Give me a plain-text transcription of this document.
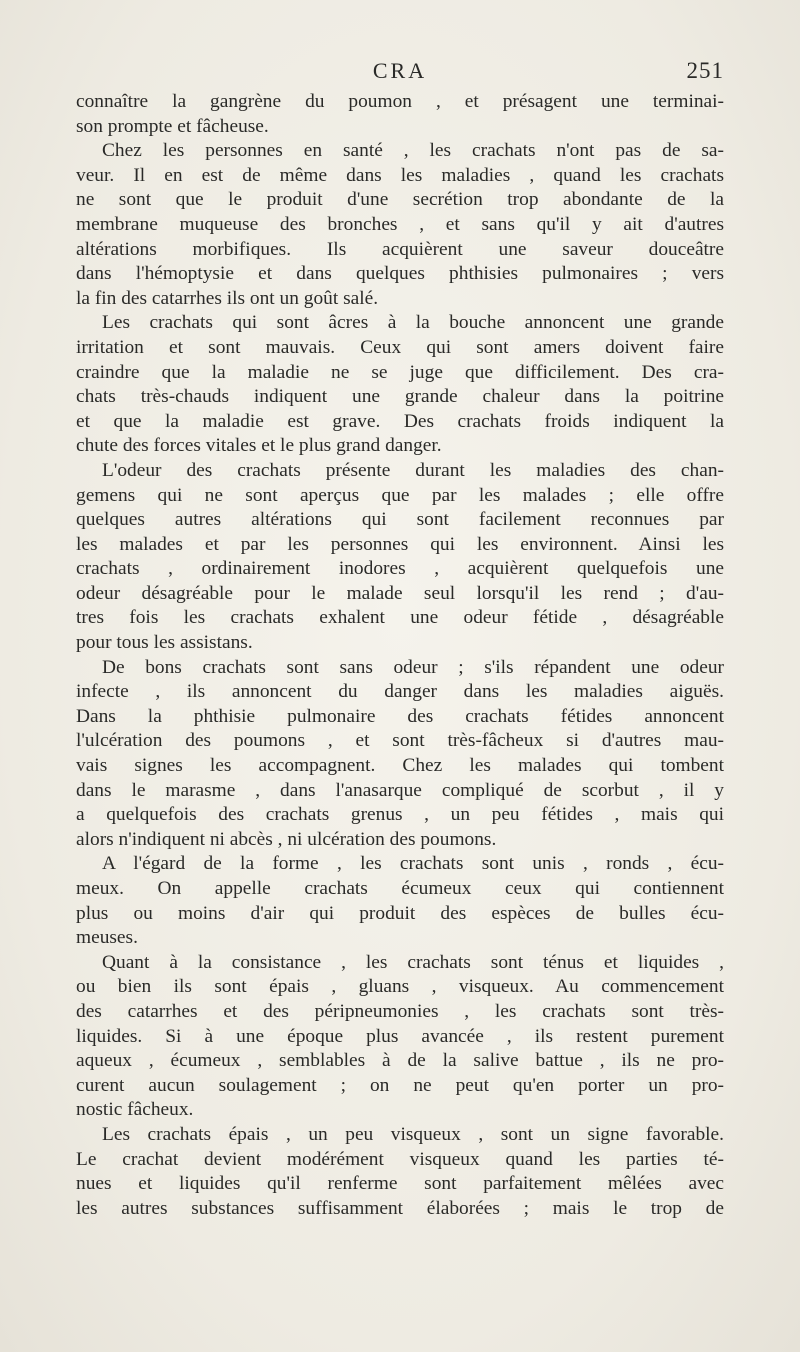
CRA	251
connaître la gangrène du poumon , et présagent une terminai-
son prompte et fâcheuse.
Chez les personnes en santé , les crachats n'ont pas de sa-
veur. Il en est de même dans les maladies , quand les crachats
ne sont que le produit d'une secrétion trop abondante de la
membrane muqueuse des bronches , et sans qu'il y ait d'autres
altérations morbifiques. Ils acquièrent une saveur douceâtre
dans l'hémoptysie et dans quelques phthisies pulmonaires ; vers
la fin des catarrhes ils ont un goût salé.
Les crachats qui sont âcres à la bouche annoncent une grande
irritation et sont mauvais. Ceux qui sont amers doivent faire
craindre que la maladie ne se juge que difficilement. Des cra-
chats très-chauds indiquent une grande chaleur dans la poitrine
et que la maladie est grave. Des crachats froids indiquent la
chute des forces vitales et le plus grand danger.
L'odeur des crachats présente durant les maladies des chan-
gemens qui ne sont aperçus que par les malades ; elle offre
quelques autres altérations qui sont facilement reconnues par
les malades et par les personnes qui les environnent. Ainsi les
crachats , ordinairement inodores , acquièrent quelquefois une
odeur désagréable pour le malade seul lorsqu'il les rend ; d'au-
tres fois les crachats exhalent une odeur fétide , désagréable
pour tous les assistans.
De bons crachats sont sans odeur ; s'ils répandent une odeur
infecte , ils annoncent du danger dans les maladies aiguës.
Dans la phthisie pulmonaire des crachats fétides annoncent
l'ulcération des poumons , et sont très-fâcheux si d'autres mau-
vais signes les accompagnent. Chez les malades qui tombent
dans le marasme , dans l'anasarque compliqué de scorbut , il y
a quelquefois des crachats grenus , un peu fétides , mais qui
alors n'indiquent ni abcès , ni ulcération des poumons.
A l'égard de la forme , les crachats sont unis , ronds , écu-
meux. On appelle crachats écumeux ceux qui contiennent
plus ou moins d'air qui produit des espèces de bulles écu-
meuses.
Quant à la consistance , les crachats sont ténus et liquides ,
ou bien ils sont épais , gluans , visqueux. Au commencement
des catarrhes et des péripneumonies , les crachats sont très-
liquides. Si à une époque plus avancée , ils restent purement
aqueux , écumeux , semblables à de la salive battue , ils ne pro-
curent aucun soulagement ; on ne peut qu'en porter un pro-
nostic fâcheux.
Les crachats épais , un peu visqueux , sont un signe favorable.
Le crachat devient modérément visqueux quand les parties té-
nues et liquides qu'il renferme sont parfaitement mêlées avec
les autres substances suffisamment élaborées ; mais le trop de
